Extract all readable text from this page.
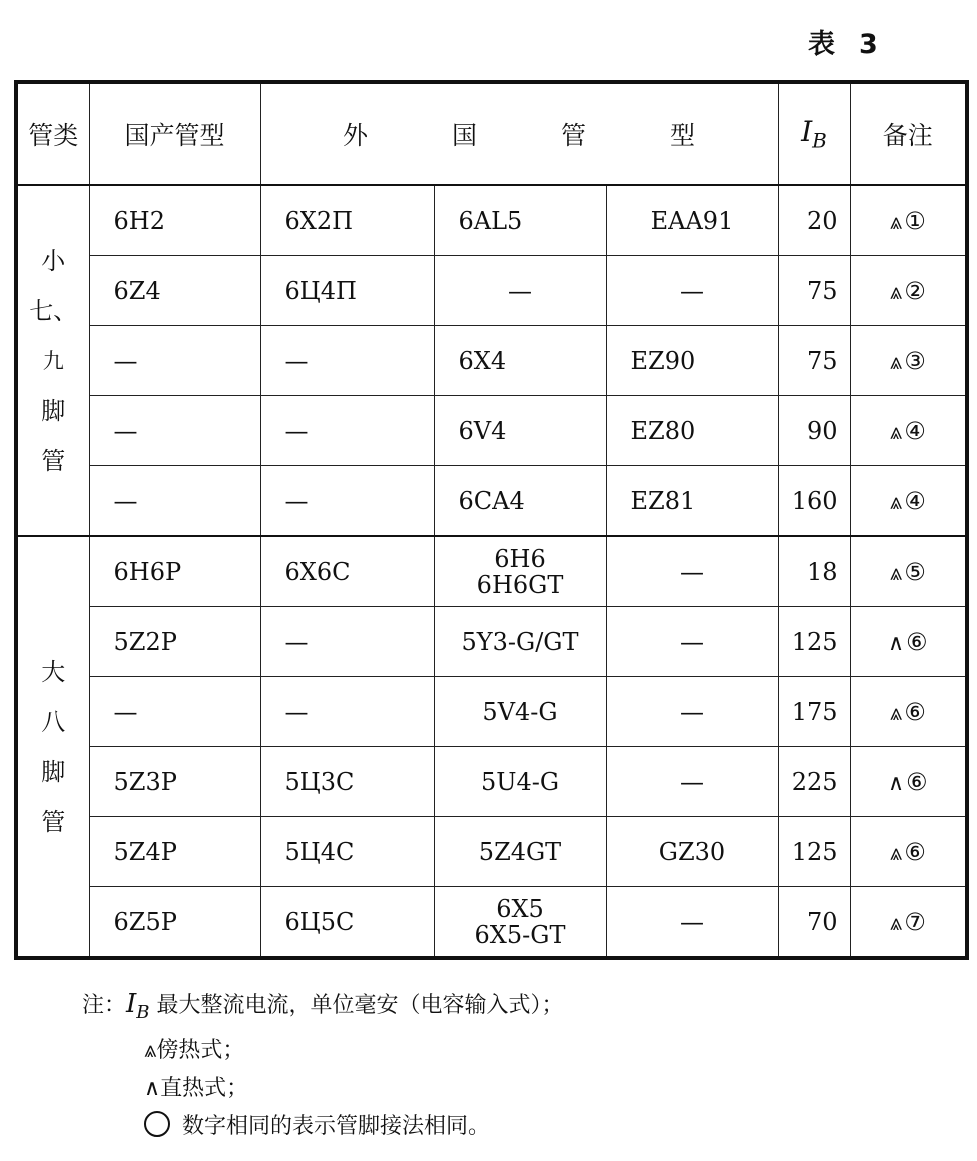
表 3
管类	国产管型	外 国 管 型			$I_B$	备注

小
七、
九
脚
管	6H2	6X2П	6AL5	EAA91	20	⩓①
	6Z4	6Ц4П	—	—	75	⩓②
	—	—	6X4	EZ90	75	⩓③
	—	—	6V4	EZ80	90	⩓④
	—	—	6CA4	EZ81	160	⩓④

大
八
脚
管
	6H6P	6X6C	6H6
6H6GT	—	18	⩓⑤
	5Z2P	—	5Y3-G/GT	—	125	∧⑥
	—	—	5V4-G	—	175	⩓⑥
	5Z3P	5Ц3C	5U4-G	—	225	∧⑥
	5Z4P	5Ц4C	5Z4GT	GZ30	125	⩓⑥
	6Z5P	6Ц5C	6X5
6X5-GT	—	70	⩓⑦
注：$I_B$ 最大整流电流，单位毫安（电容输入式）；
⩓傍热式；
∧直热式；
数字相同的表示管脚接法相同。
